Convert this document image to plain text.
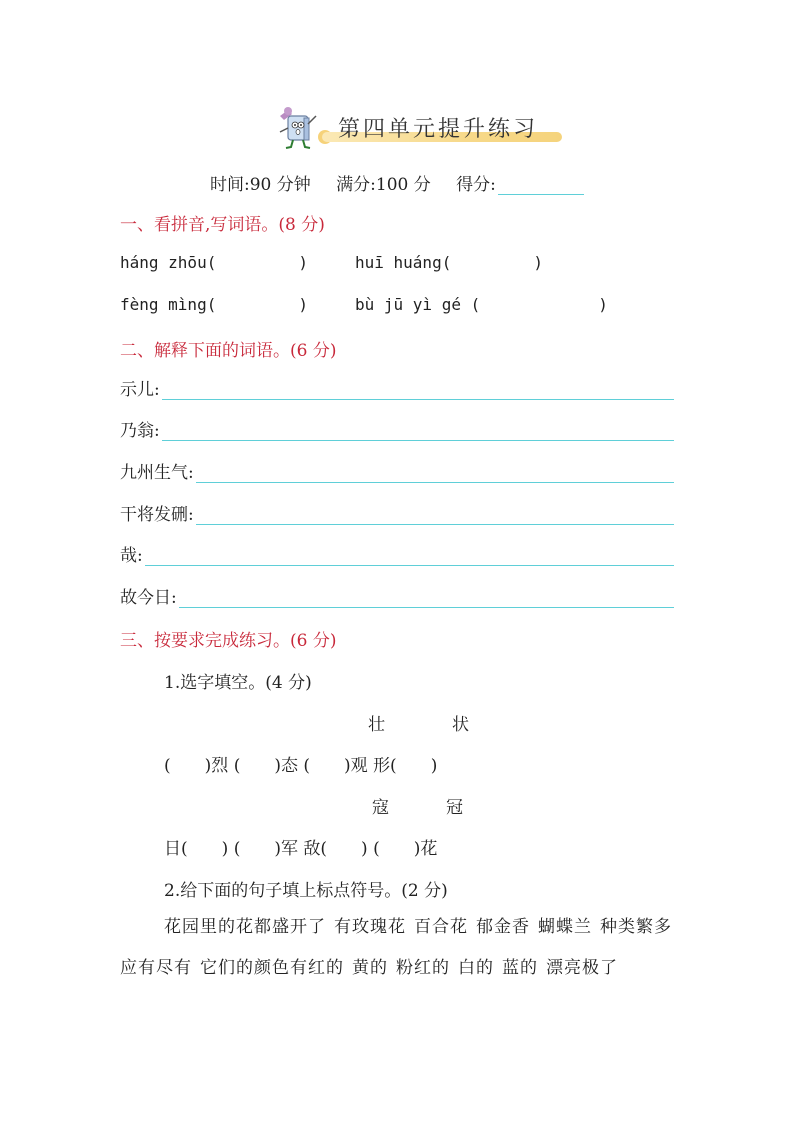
第四单元提升练习
时间:90 分钟 满分:100 分 得分:
一、看拼音,写词语。(8 分)
háng zhōu(	)	huī huáng(	)
fèng mìng(	)	bù jū yì gé (	)
二、解释下面的词语。(6 分)
示儿:
乃翁:
九州生气:
干将发硎:
哉:
故今日:
三、按要求完成练习。(6 分)
1.选字填空。(4 分)
壮	状
( )烈 ( )态 ( )观 形( )
寇	冠
日( ) ( )军 敌( ) ( )花
2.给下面的句子填上标点符号。(2 分)
花园里的花都盛开了 有玫瑰花 百合花 郁金香 蝴蝶兰 种类繁多应有尽有 它们的颜色有红的 黄的 粉红的 白的 蓝的 漂亮极了
